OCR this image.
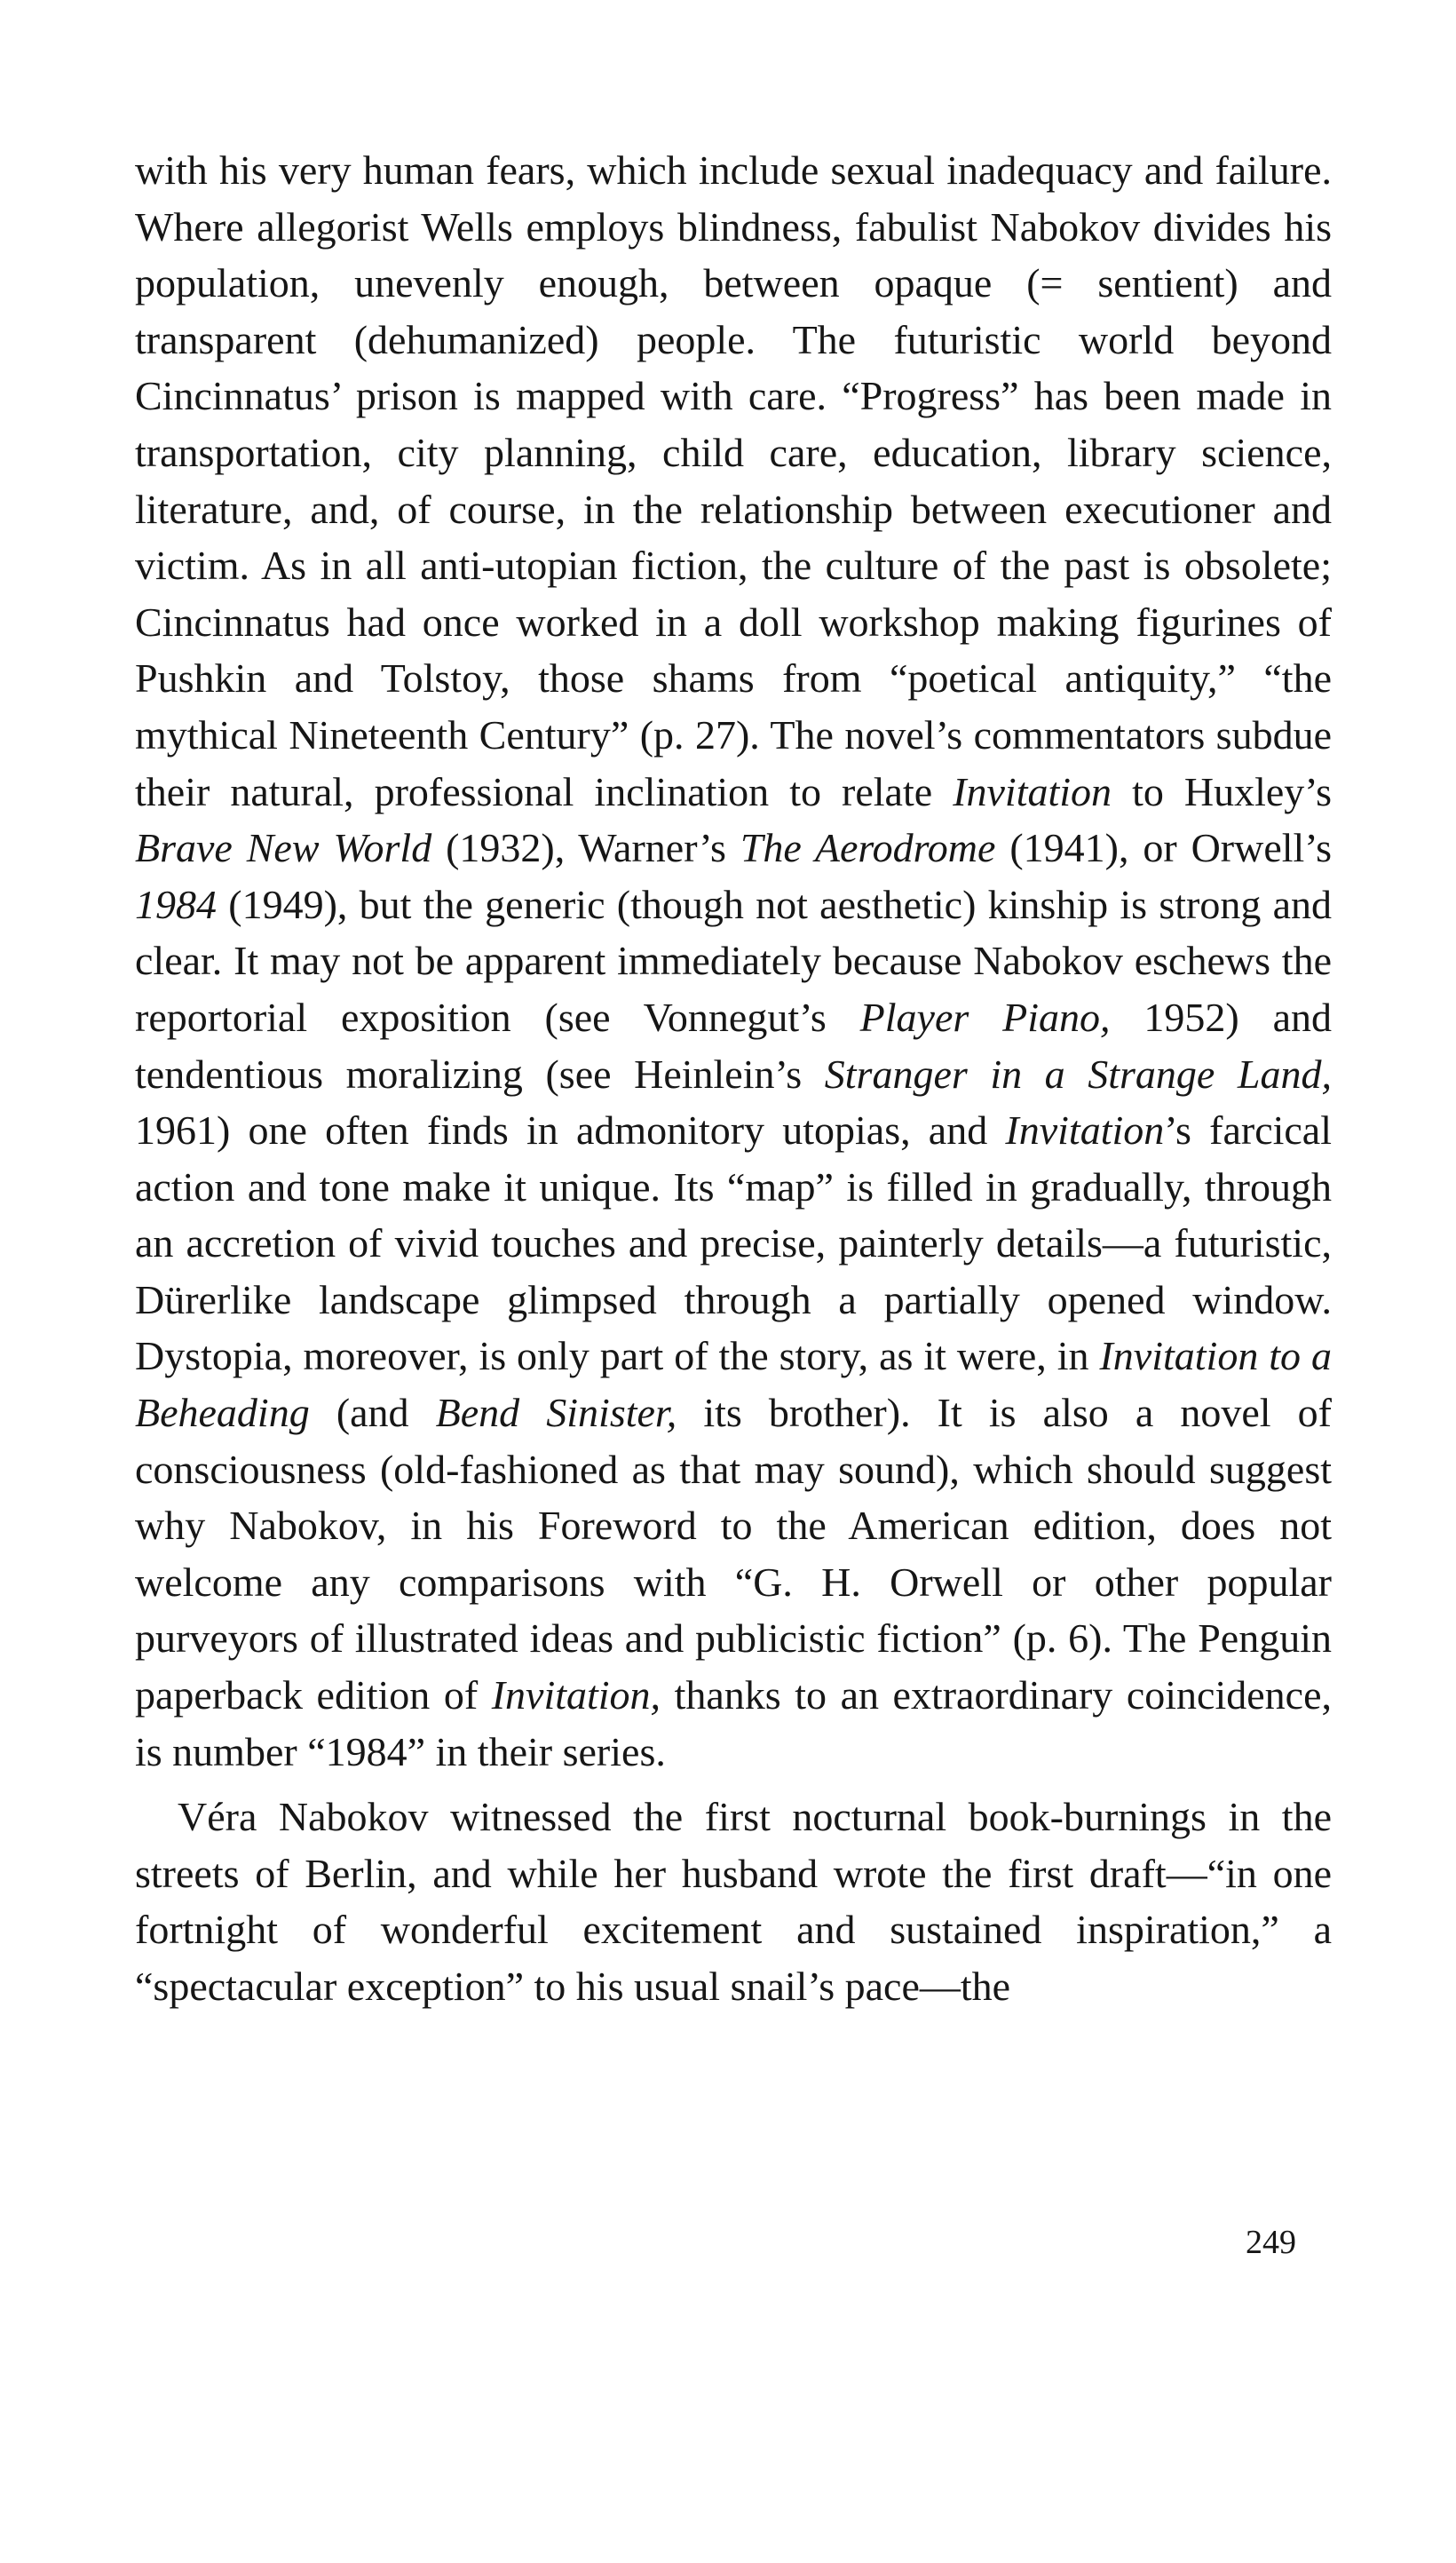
with his very human fears, which include sexual inadequacy and failure. Where allegorist Wells employs blindness, fabulist Nabokov divides his population, unevenly enough, between opaque (= sentient) and transparent (dehumanized) people. The futuristic world beyond Cincinnatus’ prison is mapped with care. “Progress” has been made in transportation, city planning, child care, education, library science, literature, and, of course, in the relationship between executioner and victim. As in all anti-utopian fiction, the culture of the past is obsolete; Cincinnatus had once worked in a doll workshop making figurines of Pushkin and Tolstoy, those shams from “poetical antiquity,” “the mythical Nineteenth Century” (p. 27). The novel’s commentators subdue their natural, professional inclination to relate Invitation to Huxley’s Brave New World (1932), Warner’s The Aerodrome (1941), or Orwell’s 1984 (1949), but the generic (though not aesthetic) kinship is strong and clear. It may not be apparent immediately because Nabokov eschews the reportorial exposition (see Vonnegut’s Player Piano, 1952) and tendentious moralizing (see Heinlein’s Stranger in a Strange Land, 1961) one often finds in admonitory utopias, and Invitation’s farcical action and tone make it unique. Its “map” is filled in gradually, through an accretion of vivid touches and precise, painterly details—a futuristic, Dürerlike landscape glimpsed through a partially opened window. Dystopia, moreover, is only part of the story, as it were, in Invitation to a Beheading (and Bend Sinister, its brother). It is also a novel of consciousness (old-fashioned as that may sound), which should suggest why Nabokov, in his Foreword to the American edition, does not welcome any comparisons with “G. H. Orwell or other popular purveyors of illustrated ideas and publicistic fiction” (p. 6). The Penguin paperback edition of Invitation, thanks to an extraordinary coincidence, is number “1984” in their series.

Véra Nabokov witnessed the first nocturnal book-burnings in the streets of Berlin, and while her husband wrote the first draft—“in one fortnight of wonderful excitement and sustained inspiration,” a “spectacular exception” to his usual snail’s pace—the

249
